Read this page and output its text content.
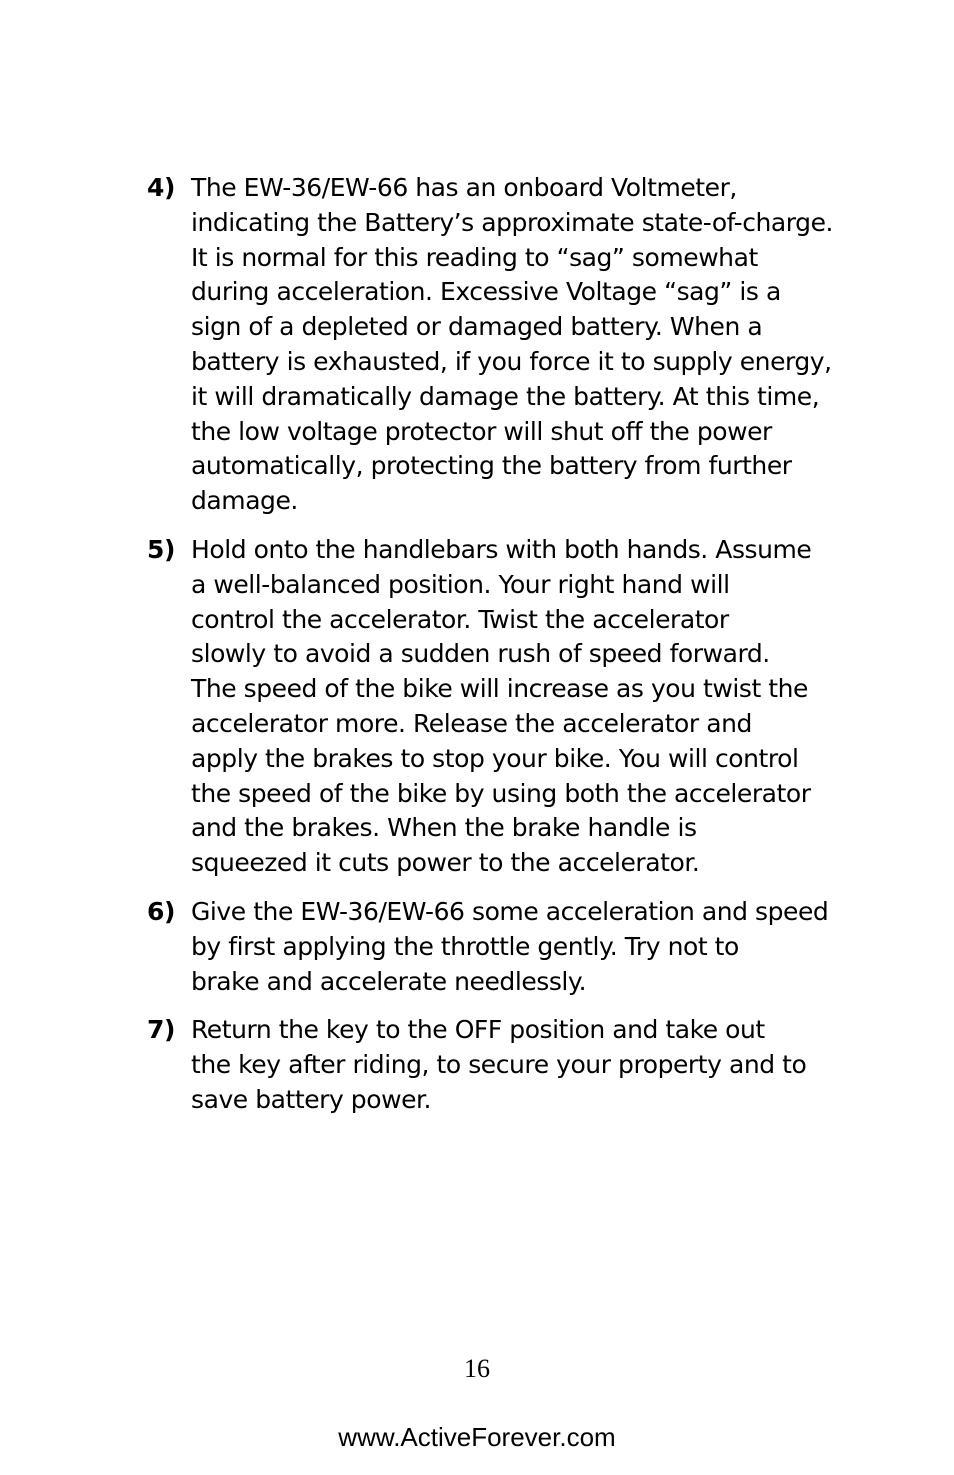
4) The EW-36/EW-66 has an onboard Voltmeter,
indicating the Battery’s approximate state-of-charge.
It is normal for this reading to “sag” somewhat
during acceleration. Excessive Voltage “sag” is a
sign of a depleted or damaged battery. When a
battery is exhausted, if you force it to supply energy,
it will dramatically damage the battery. At this time,
the low voltage protector will shut off the power
automatically, protecting the battery from further
damage.
5) Hold onto the handlebars with both hands. Assume
a well-balanced position. Your right hand will
control the accelerator. Twist the accelerator
slowly to avoid a sudden rush of speed forward.
The speed of the bike will increase as you twist the
accelerator more. Release the accelerator and
apply the brakes to stop your bike. You will control
the speed of the bike by using both the accelerator
and the brakes. When the brake handle is
squeezed it cuts power to the accelerator.
6) Give the EW-36/EW-66 some acceleration and speed
by first applying the throttle gently. Try not to
brake and accelerate needlessly.
7) Return the key to the OFF position and take out
the key after riding, to secure your property and to
save battery power.
16
www.ActiveForever.com
